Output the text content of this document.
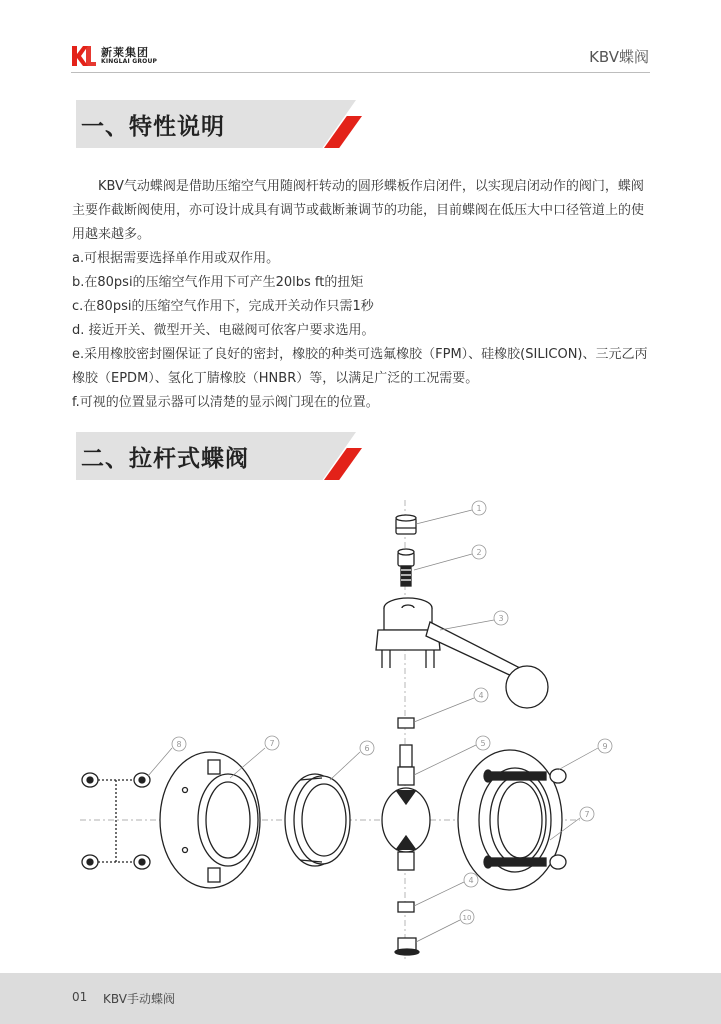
新莱集团
KINGLAI GROUP	KBV蝶阀
一、特性说明

KBV气动蝶阀是借助压缩空气用随阀杆转动的圆形蝶板作启闭件，以实现启闭动作的阀门，蝶阀主要作截断阀使用，亦可设计成具有调节或截断兼调节的功能，目前蝶阀在低压大中口径管道上的使用越来越多。

a.可根据需要选择单作用或双作用。

b.在80psi的压缩空气作用下可产生20lbs ft的扭矩

c.在80psi的压缩空气作用下，完成开关动作只需1秒

d. 接近开关、微型开关、电磁阀可依客户要求选用。

e.采用橡胶密封圈保证了良好的密封，橡胶的种类可选氟橡胶（FPM）、硅橡胶(SILICON)、三元乙丙橡胶（EPDM）、氢化丁腈橡胶（HNBR）等，以满足广泛的工况需要。

f.可视的位置显示器可以清楚的显示阀门现在的位置。

二、拉杆式蝶阀
1
2
3
4
5
6
7
8	9
7
4
10
01 KBV手动蝶阀
